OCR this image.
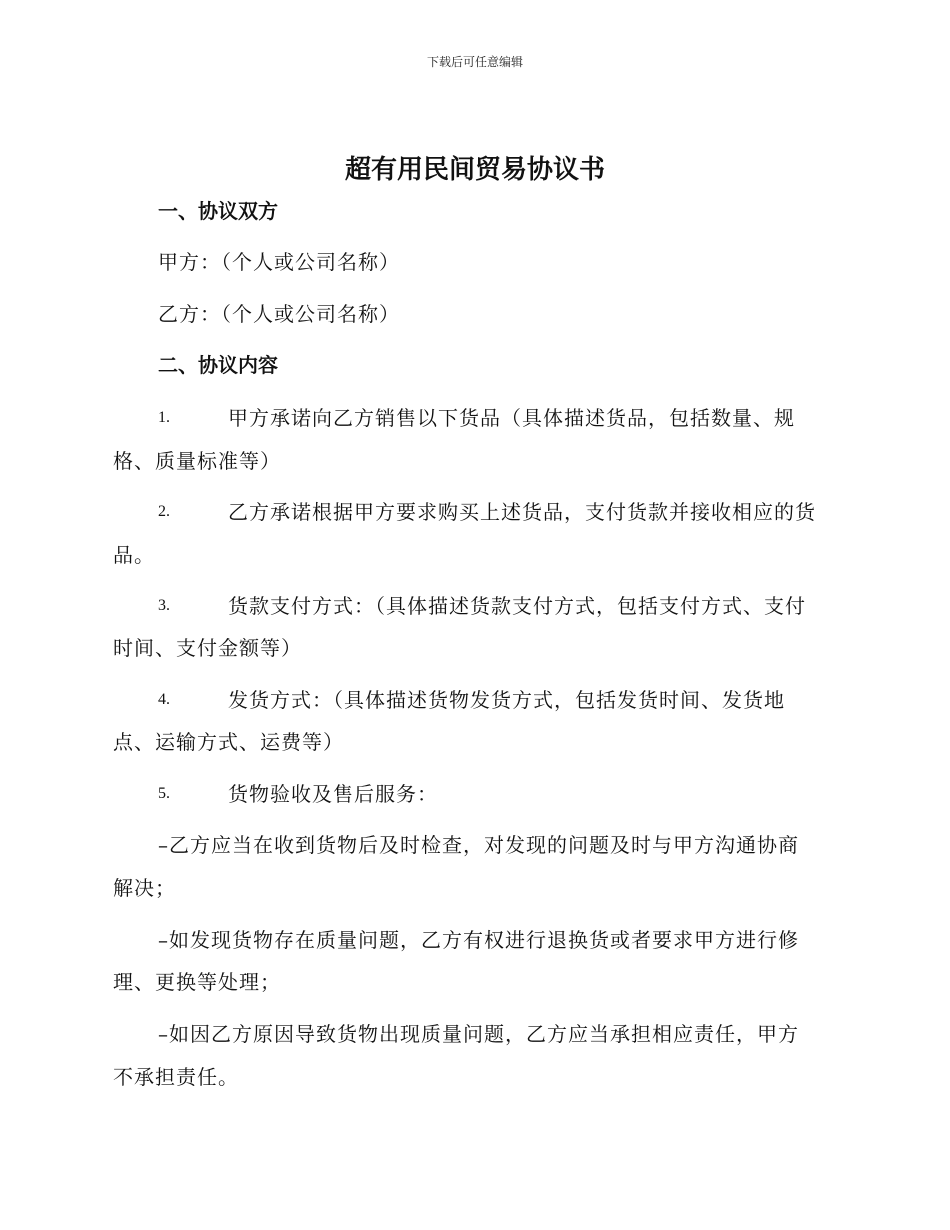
下载后可任意编辑
超有用民间贸易协议书
一、协议双方
甲方：（个人或公司名称）
乙方：（个人或公司名称）
二、协议内容
1.	甲方承诺向乙方销售以下货品（具体描述货品，包括数量、规
格、质量标准等）
2.	乙方承诺根据甲方要求购买上述货品，支付货款并接收相应的货
品。
3.	货款支付方式：（具体描述货款支付方式，包括支付方式、支付
时间、支付金额等）
4.	发货方式：（具体描述货物发货方式，包括发货时间、发货地
点、运输方式、运费等）
5.	货物验收及售后服务：
–乙方应当在收到货物后及时检查，对发现的问题及时与甲方沟通协商
解决；
–如发现货物存在质量问题，乙方有权进行退换货或者要求甲方进行修
理、更换等处理；
–如因乙方原因导致货物出现质量问题，乙方应当承担相应责任，甲方
不承担责任。
